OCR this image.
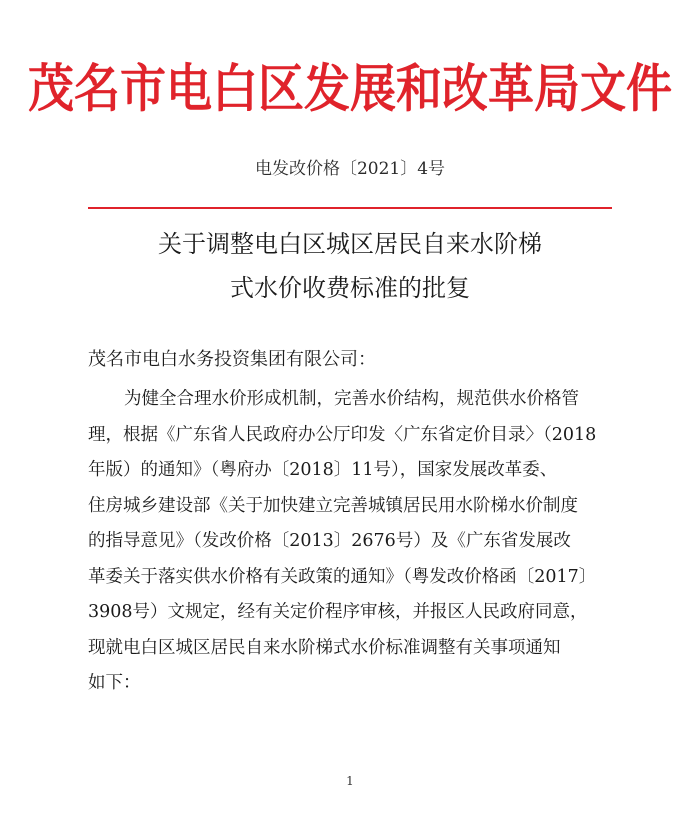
茂名市电白区发展和改革局文件
电发改价格〔2021〕4号
关于调整电白区城区居民自来水阶梯
式水价收费标准的批复
茂名市电白水务投资集团有限公司：
为健全合理水价形成机制，完善水价结构，规范供水价格管
理，根据《广东省人民政府办公厅印发〈广东省定价目录〉（2018
年版）的通知》（粤府办〔2018〕11号），国家发展改革委、
住房城乡建设部《关于加快建立完善城镇居民用水阶梯水价制度
的指导意见》（发改价格〔2013〕2676号）及《广东省发展改
革委关于落实供水价格有关政策的通知》（粤发改价格函〔2017〕
3908号）文规定，经有关定价程序审核，并报区人民政府同意，
现就电白区城区居民自来水阶梯式水价标准调整有关事项通知
如下：
1
